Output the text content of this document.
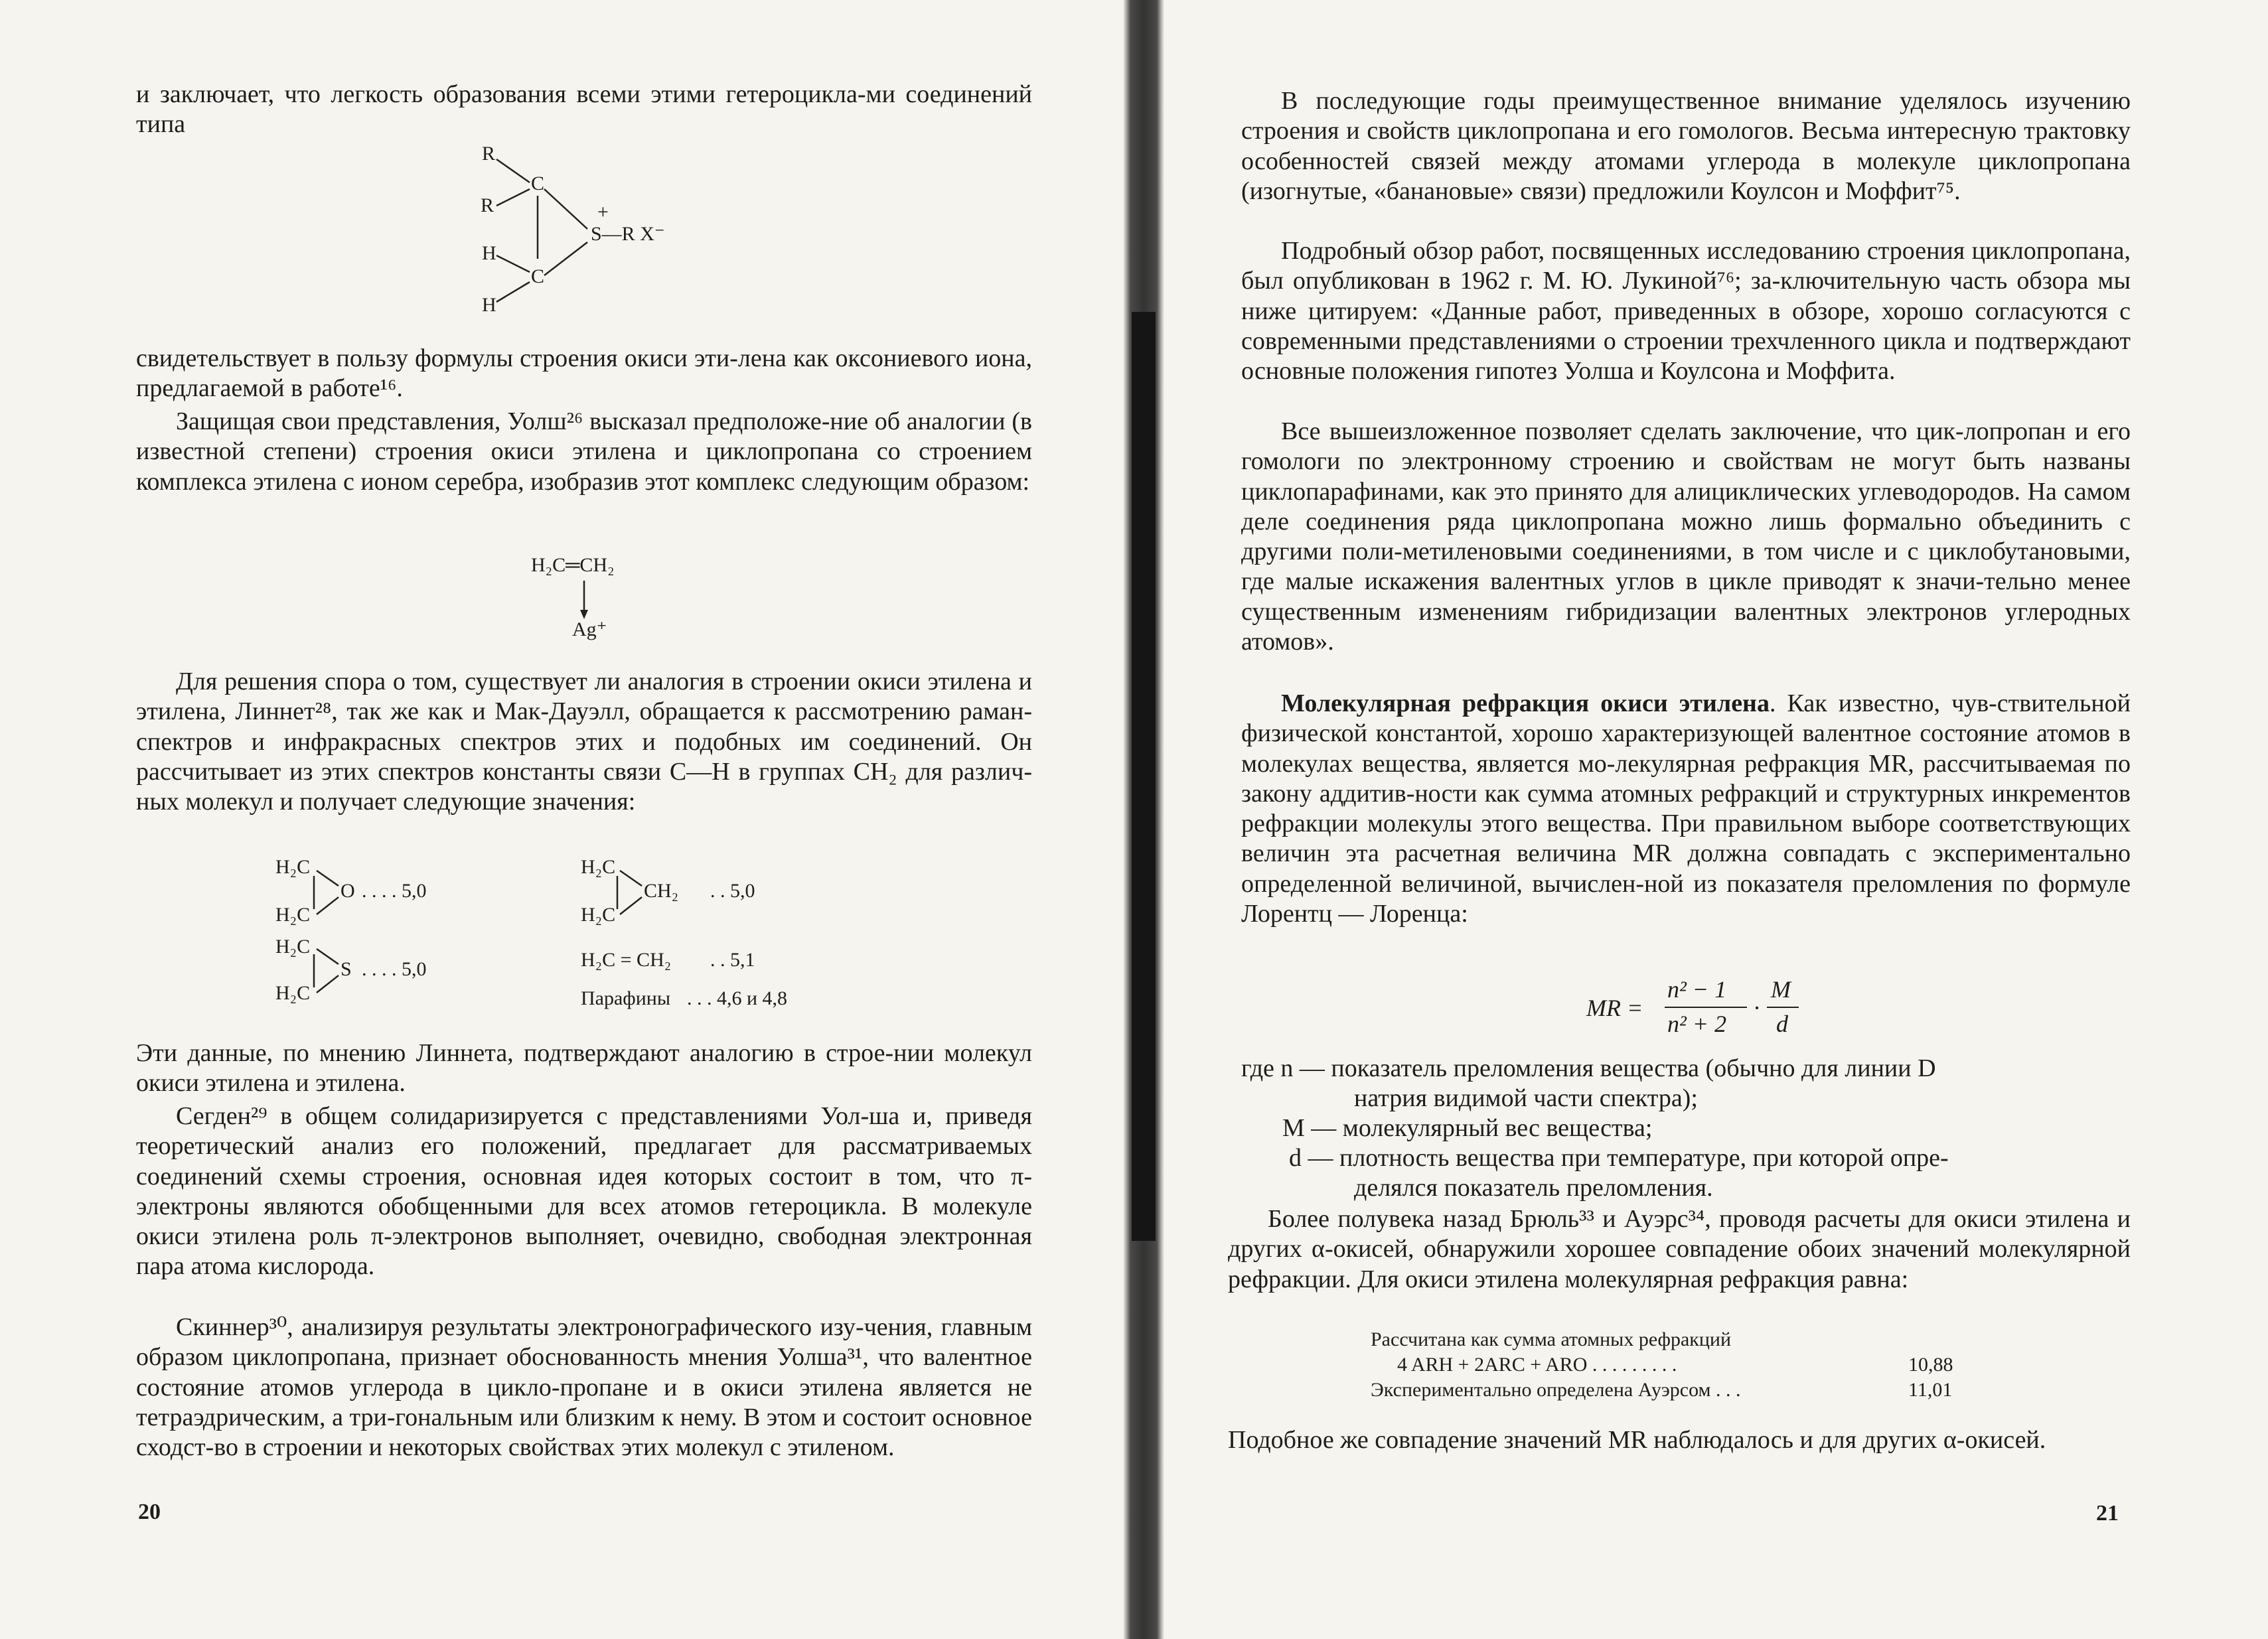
и заключает, что легкость образования всеми этими гетероцикла-ми соединений типа

R
R
C
C
H
H
+
S—R X⁻

свидетельствует в пользу формулы строения окиси эти-лена как оксониевого иона, предлагаемой в работе¹⁶.

Защищая свои представления, Уолш²⁶ высказал предположе-ние об аналогии (в известной степени) строения окиси этилена и циклопропана со строением комплекса этилена с ионом серебра, изобразив этот комплекс следующим образом:

H₂C═CH₂
Ag⁺

Для решения спора о том, существует ли аналогия в строении окиси этилена и этилена, Линнет²⁸, так же как и Мак-Дауэлл, обращается к рассмотрению раман-спектров и инфракрасных спектров этих и подобных им соединений. Он рассчитывает из этих спектров константы связи С—Н в группах СН₂ для различ-ных молекул и получает следующие значения:

H₂C
H₂C
O . . . . 5,0
H₂C
H₂C
S . . . . 5,0
H₂C
H₂C
CH₂ . . 5,0
H₂C = CH₂ . . 5,1
Парафины . . . 4,6 и 4,8

Эти данные, по мнению Линнета, подтверждают аналогию в строе-нии молекул окиси этилена и этилена.

Сегден²⁹ в общем солидаризируется с представлениями Уол-ша и, приведя теоретический анализ его положений, предлагает для рассматриваемых соединений схемы строения, основная идея которых состоит в том, что π-электроны являются обобщенными для всех атомов гетероцикла. В молекуле окиси этилена роль π-электронов выполняет, очевидно, свободная электронная пара атома кислорода.

Скиннер³⁰, анализируя результаты электронографического изу-чения, главным образом циклопропана, признает обоснованность мнения Уолша³¹, что валентное состояние атомов углерода в цикло-пропане и в окиси этилена является не тетраэдрическим, а три-гональным или близким к нему. В этом и состоит основное сходст-во в строении и некоторых свойствах этих молекул с этиленом.

20

В последующие годы преимущественное внимание уделялось изучению строения и свойств циклопропана и его гомологов. Весьма интересную трактовку особенностей связей между атомами углерода в молекуле циклопропана (изогнутые, «банановые» связи) предложили Коулсон и Моффит⁷⁵.

Подробный обзор работ, посвященных исследованию строения циклопропана, был опубликован в 1962 г. М. Ю. Лукиной⁷⁶; за-ключительную часть обзора мы ниже цитируем: «Данные работ, приведенных в обзоре, хорошо согласуются с современными представлениями о строении трехчленного цикла и подтверждают основные положения гипотез Уолша и Коулсона и Моффита.

Все вышеизложенное позволяет сделать заключение, что цик-лопропан и его гомологи по электронному строению и свойствам не могут быть названы циклопарафинами, как это принято для алициклических углеводородов. На самом деле соединения ряда циклопропана можно лишь формально объединить с другими поли-метиленовыми соединениями, в том числе и с циклобутановыми, где малые искажения валентных углов в цикле приводят к значи-тельно менее существенным изменениям гибридизации валентных электронов углеродных атомов».

Молекулярная рефракция окиси этилена. Как известно, чув-ствительной физической константой, хорошо характеризующей валентное состояние атомов в молекулах вещества, является мо-лекулярная рефракция MR, рассчитываемая по закону аддитив-ности как сумма атомных рефракций и структурных инкрементов рефракции молекулы этого вещества. При правильном выборе соответствующих величин эта расчетная величина MR должна совпадать с экспериментально определенной величиной, вычислен-ной из показателя преломления по формуле Лорентц — Лоренца:

MR =
n² − 1
n² + 2
·
M
d
где n — показатель преломления вещества (обычно для линии D
натрия видимой части спектра);
M — молекулярный вес вещества;
d — плотность вещества при температуре, при которой опре-
делялся показатель преломления.

Более полувека назад Брюль³³ и Ауэрс³⁴, проводя расчеты для окиси этилена и других α-окисей, обнаружили хорошее совпадение обоих значений молекулярной рефракции. Для окиси этилена молекулярная рефракция равна:

Рассчитана как сумма атомных рефракций
4 ARH + 2ARC + ARO . . . . . . . . .	10,88
Экспериментально определена Ауэрсом . . .	11,01

Подобное же совпадение значений MR наблюдалось и для других α-окисей.

21
